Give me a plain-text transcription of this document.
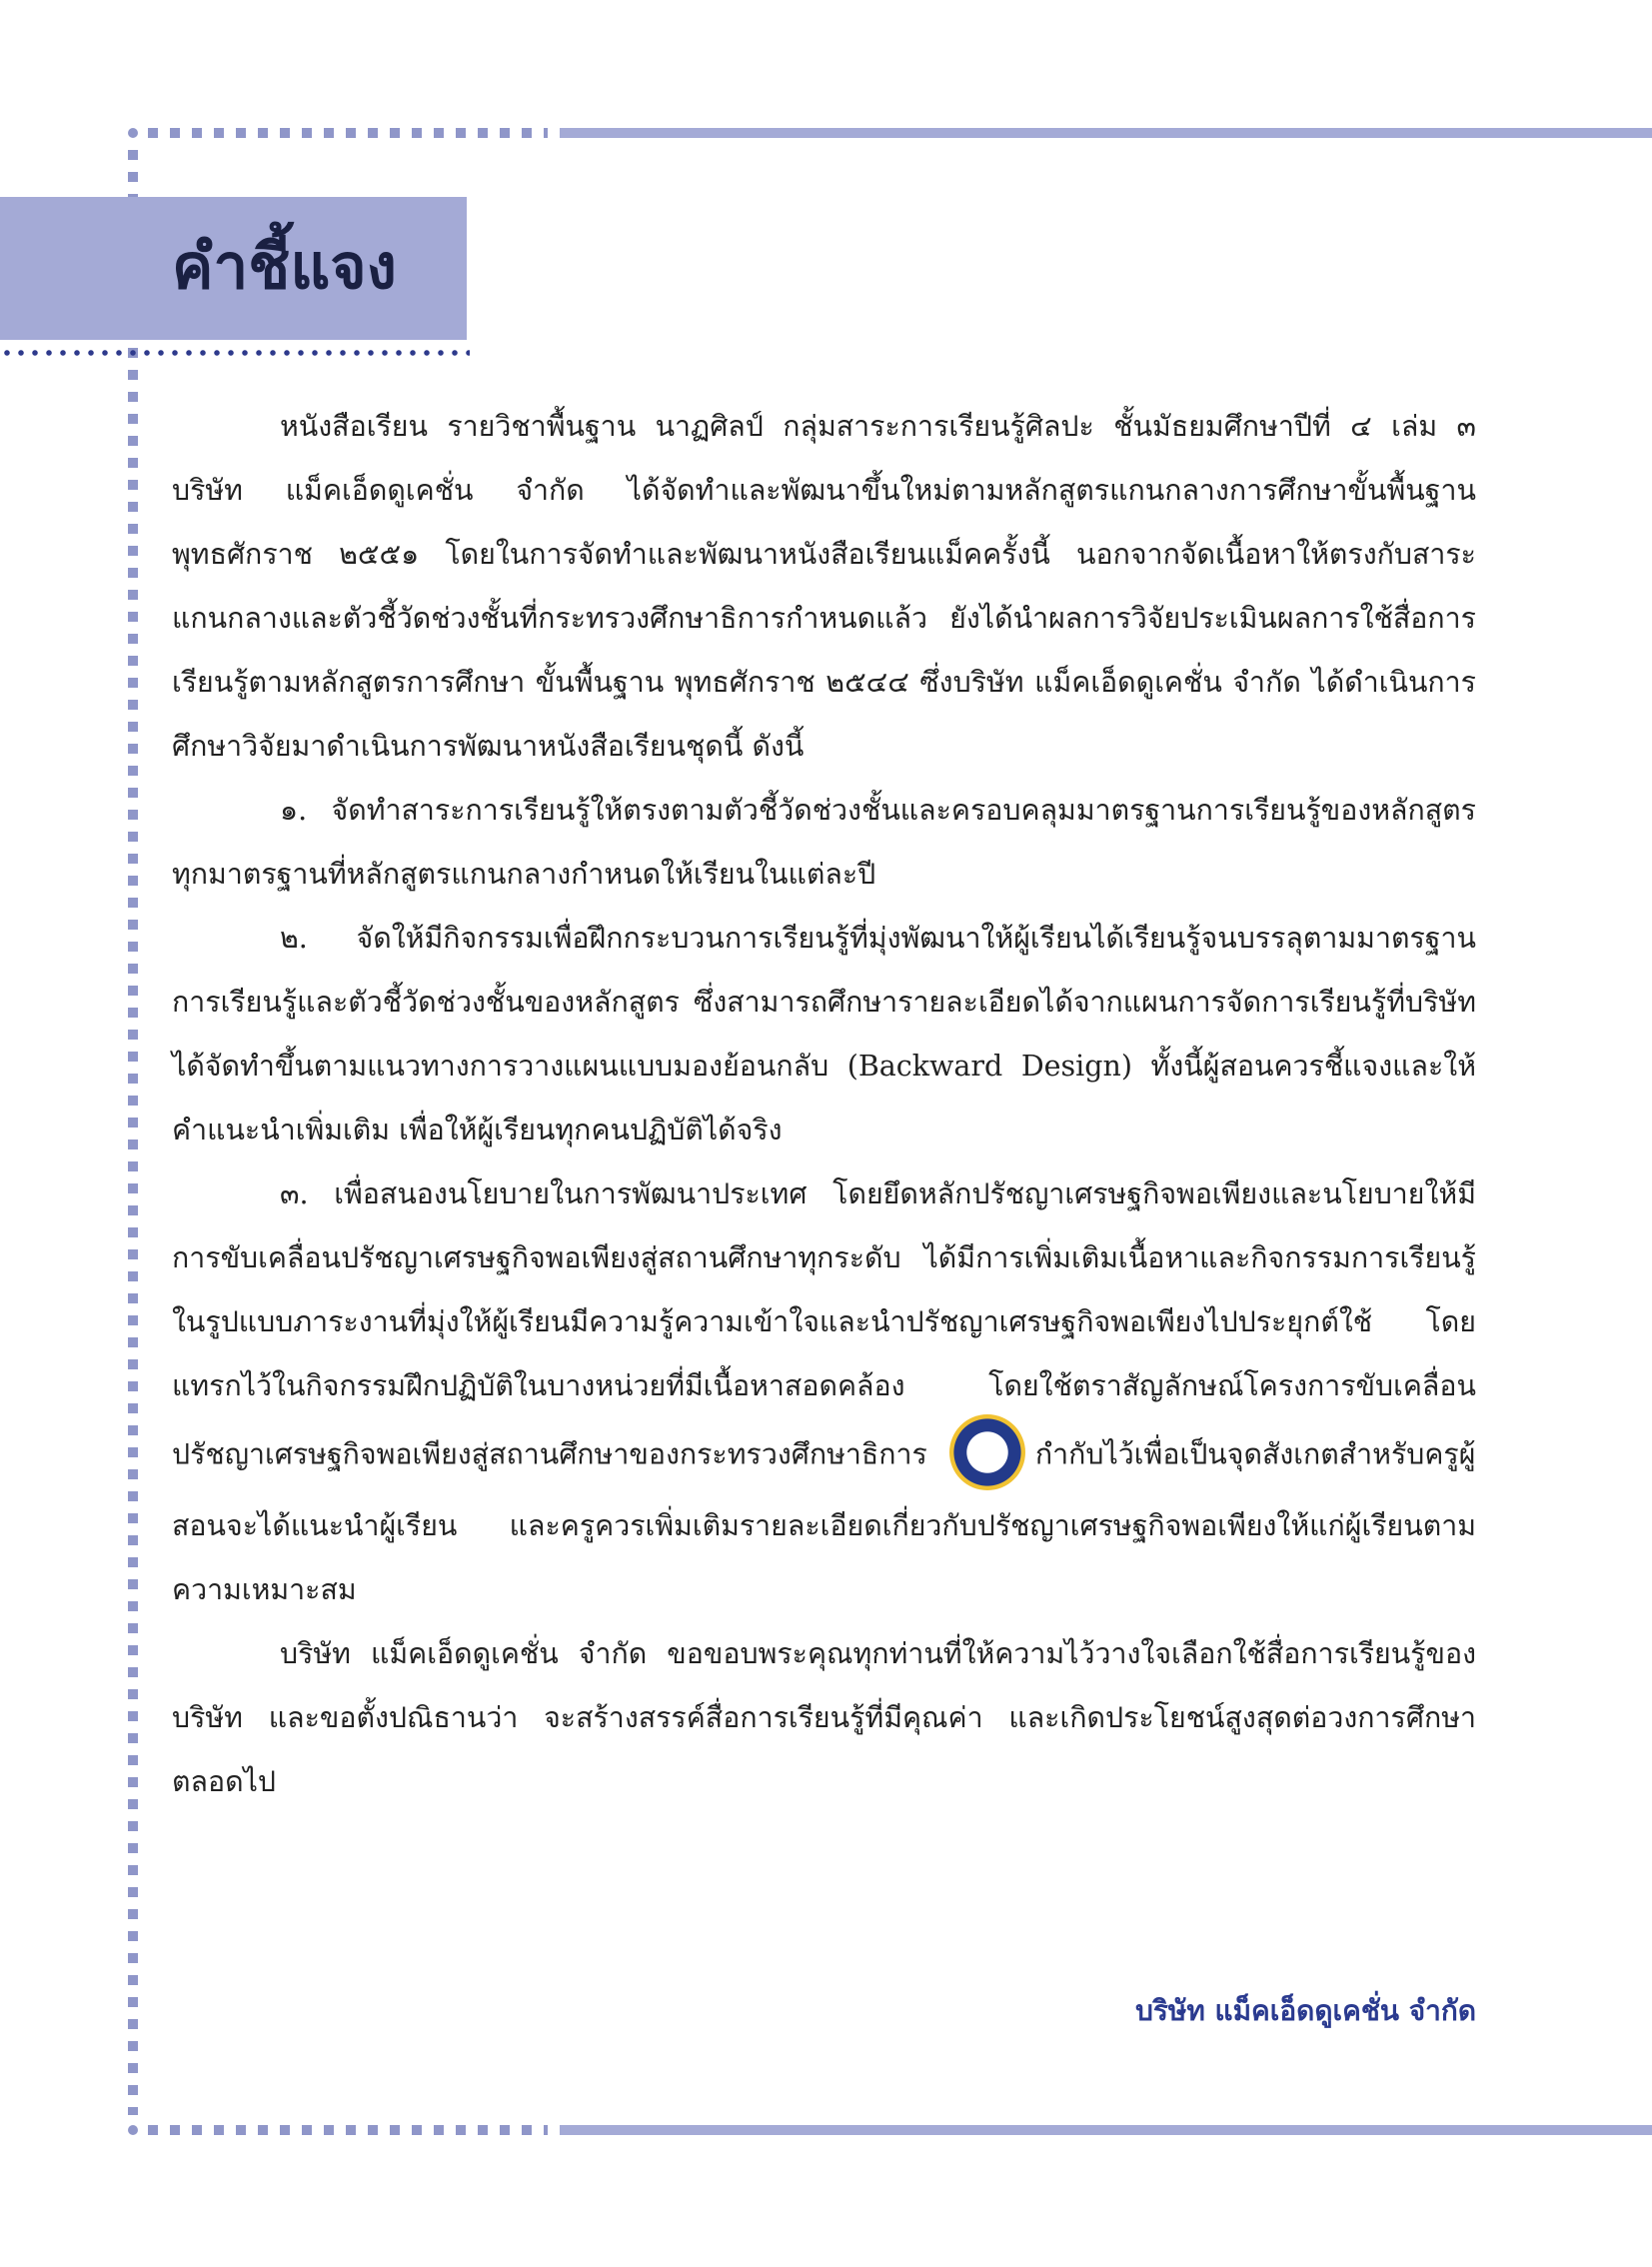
คำชี้แจง

หนังสือเรียน รายวิชาพื้นฐาน นาฏศิลป์ กลุ่มสาระการเรียนรู้ศิลปะ ชั้นมัธยมศึกษาปีที่ ๔ เล่ม ๓ บริษัท แม็คเอ็ดดูเคชั่น จำกัด ได้จัดทำและพัฒนาขึ้นใหม่ตามหลักสูตรแกนกลางการศึกษาขั้นพื้นฐาน พุทธศักราช ๒๕๕๑ โดยในการจัดทำและพัฒนาหนังสือเรียนแม็คครั้งนี้ นอกจากจัดเนื้อหาให้ตรงกับสาระแกนกลางและตัวชี้วัดช่วงชั้นที่กระทรวงศึกษาธิการกำหนดแล้ว ยังได้นำผลการวิจัยประเมินผลการใช้สื่อการเรียนรู้ตามหลักสูตรการศึกษา ขั้นพื้นฐาน พุทธศักราช ๒๕๔๔ ซึ่งบริษัท แม็คเอ็ดดูเคชั่น จำกัด ได้ดำเนินการศึกษาวิจัยมาดำเนินการพัฒนาหนังสือเรียนชุดนี้ ดังนี้

๑. จัดทำสาระการเรียนรู้ให้ตรงตามตัวชี้วัดช่วงชั้นและครอบคลุมมาตรฐานการเรียนรู้ของหลักสูตรทุกมาตรฐานที่หลักสูตรแกนกลางกำหนดให้เรียนในแต่ละปี

๒. จัดให้มีกิจกรรมเพื่อฝึกกระบวนการเรียนรู้ที่มุ่งพัฒนาให้ผู้เรียนได้เรียนรู้จนบรรลุตามมาตรฐานการเรียนรู้และตัวชี้วัดช่วงชั้นของหลักสูตร ซึ่งสามารถศึกษารายละเอียดได้จากแผนการจัดการเรียนรู้ที่บริษัทได้จัดทำขึ้นตามแนวทางการวางแผนแบบมองย้อนกลับ (Backward Design) ทั้งนี้ผู้สอนควรชี้แจงและให้คำแนะนำเพิ่มเติม เพื่อให้ผู้เรียนทุกคนปฏิบัติได้จริง

๓. เพื่อสนองนโยบายในการพัฒนาประเทศ โดยยึดหลักปรัชญาเศรษฐกิจพอเพียงและนโยบายให้มีการขับเคลื่อนปรัชญาเศรษฐกิจพอเพียงสู่สถานศึกษาทุกระดับ ได้มีการเพิ่มเติมเนื้อหาและกิจกรรมการเรียนรู้ในรูปแบบภาระงานที่มุ่งให้ผู้เรียนมีความรู้ความเข้าใจและนำปรัชญาเศรษฐกิจพอเพียงไปประยุกต์ใช้ โดยแทรกไว้ในกิจกรรมฝึกปฏิบัติในบางหน่วยที่มีเนื้อหาสอดคล้อง โดยใช้ตราสัญลักษณ์โครงการขับเคลื่อนปรัชญาเศรษฐกิจพอเพียงสู่สถานศึกษาของกระทรวงศึกษาธิการ	กำกับไว้เพื่อเป็นจุดสังเกตสำหรับครูผู้สอนจะได้แนะนำผู้เรียน และครูควรเพิ่มเติมรายละเอียดเกี่ยวกับปรัชญาเศรษฐกิจพอเพียงให้แก่ผู้เรียนตามความเหมาะสม

บริษัท แม็คเอ็ดดูเคชั่น จำกัด ขอขอบพระคุณทุกท่านที่ให้ความไว้วางใจเลือกใช้สื่อการเรียนรู้ของบริษัท และขอตั้งปณิธานว่า จะสร้างสรรค์สื่อการเรียนรู้ที่มีคุณค่า และเกิดประโยชน์สูงสุดต่อวงการศึกษาตลอดไป

บริษัท แม็คเอ็ดดูเคชั่น จำกัด
